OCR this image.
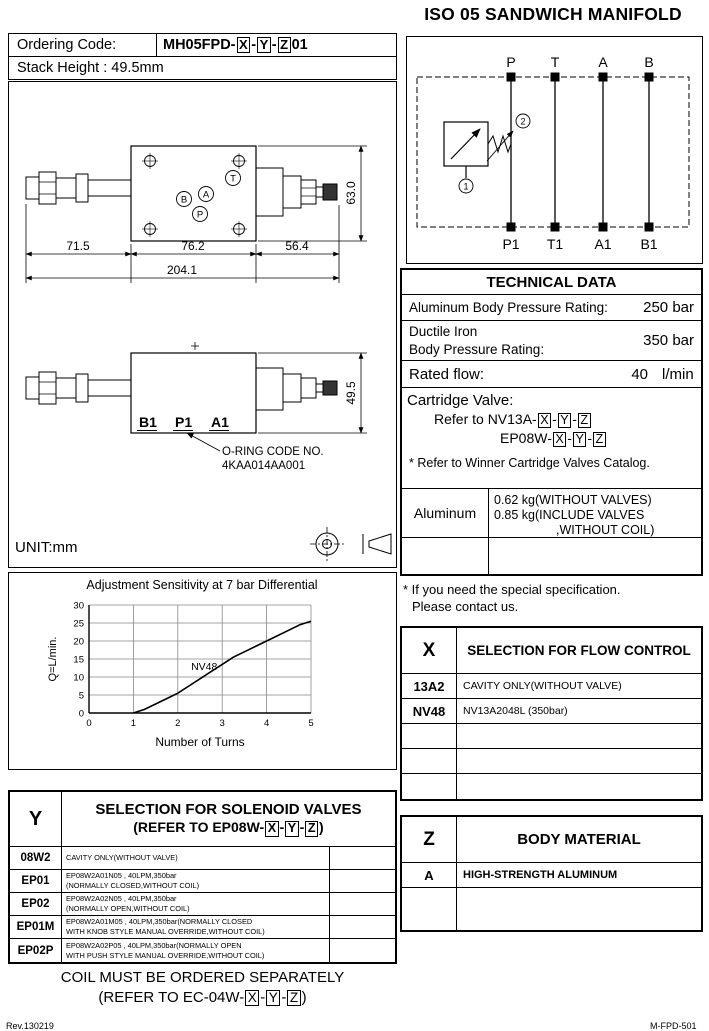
ISO 05 SANDWICH MANIFOLD
Ordering Code:	MH05FPD- X - Y - Z 01
Stack Height : 49.5mm	P	T	A	B
1
2
P1 T1 A1 B1
B A
P
T
71.5	76.2	56.4
204.1
63.0
B1 P1 A1
O-RING CODE NO.
4KAA014AA001
49.5
UNIT:mm
Adjustment Sensitivity at 7 bar Differential
0	1	2	3	4	5
0
5
10
15
20
25
30
NV48
Number of Turns
Q=L/min.
TECHNICAL DATA
Aluminum Body Pressure Rating: 250 bar
Ductile Iron
Body Pressure Rating:	350 bar
Rated flow:	40 l/min
Cartridge Valve:
Refer to NV13A- X - Y - Z
EP08W- X - Y - Z
* Refer to Winner Cartridge Valves Catalog.
Aluminum
0.62 kg(WITHOUT VALVES)
0.85 kg(INCLUDE VALVES
,WITHOUT COIL)
* If you need the special specification.
Please contact us.
X	SELECTION FOR FLOW CONTROL
13A2	CAVITY ONLY(WITHOUT VALVE)
NV48	NV13A2048L (350bar)
Z	BODY MATERIAL
A	HIGH-STRENGTH ALUMINUM
Y	SELECTION FOR SOLENOID VALVES
(REFER TO EP08W- X - Y - Z )
08W2	CAVITY ONLY(WITHOUT VALVE)
EP01	EP08W2A01N05 , 40LPM,350bar
(NORMALLY CLOSED,WITHOUT COIL)
EP02	EP08W2A02N05 , 40LPM,350bar
(NORMALLY OPEN,WITHOUT COIL)
EP01M	EP08W2A01M05 , 40LPM,350bar(NORMALLY CLOSED
WITH KNOB STYLE MANUAL OVERRIDE,WITHOUT COIL)
EP02P	EP08W2A02P05 , 40LPM,350bar(NORMALLY OPEN
WITH PUSH STYLE MANUAL OVERRIDE,WITHOUT COIL)
COIL MUST BE ORDERED SEPARATELY
(REFER TO EC-04W- X - Y - Z )
Rev.130219	M-FPD-501
